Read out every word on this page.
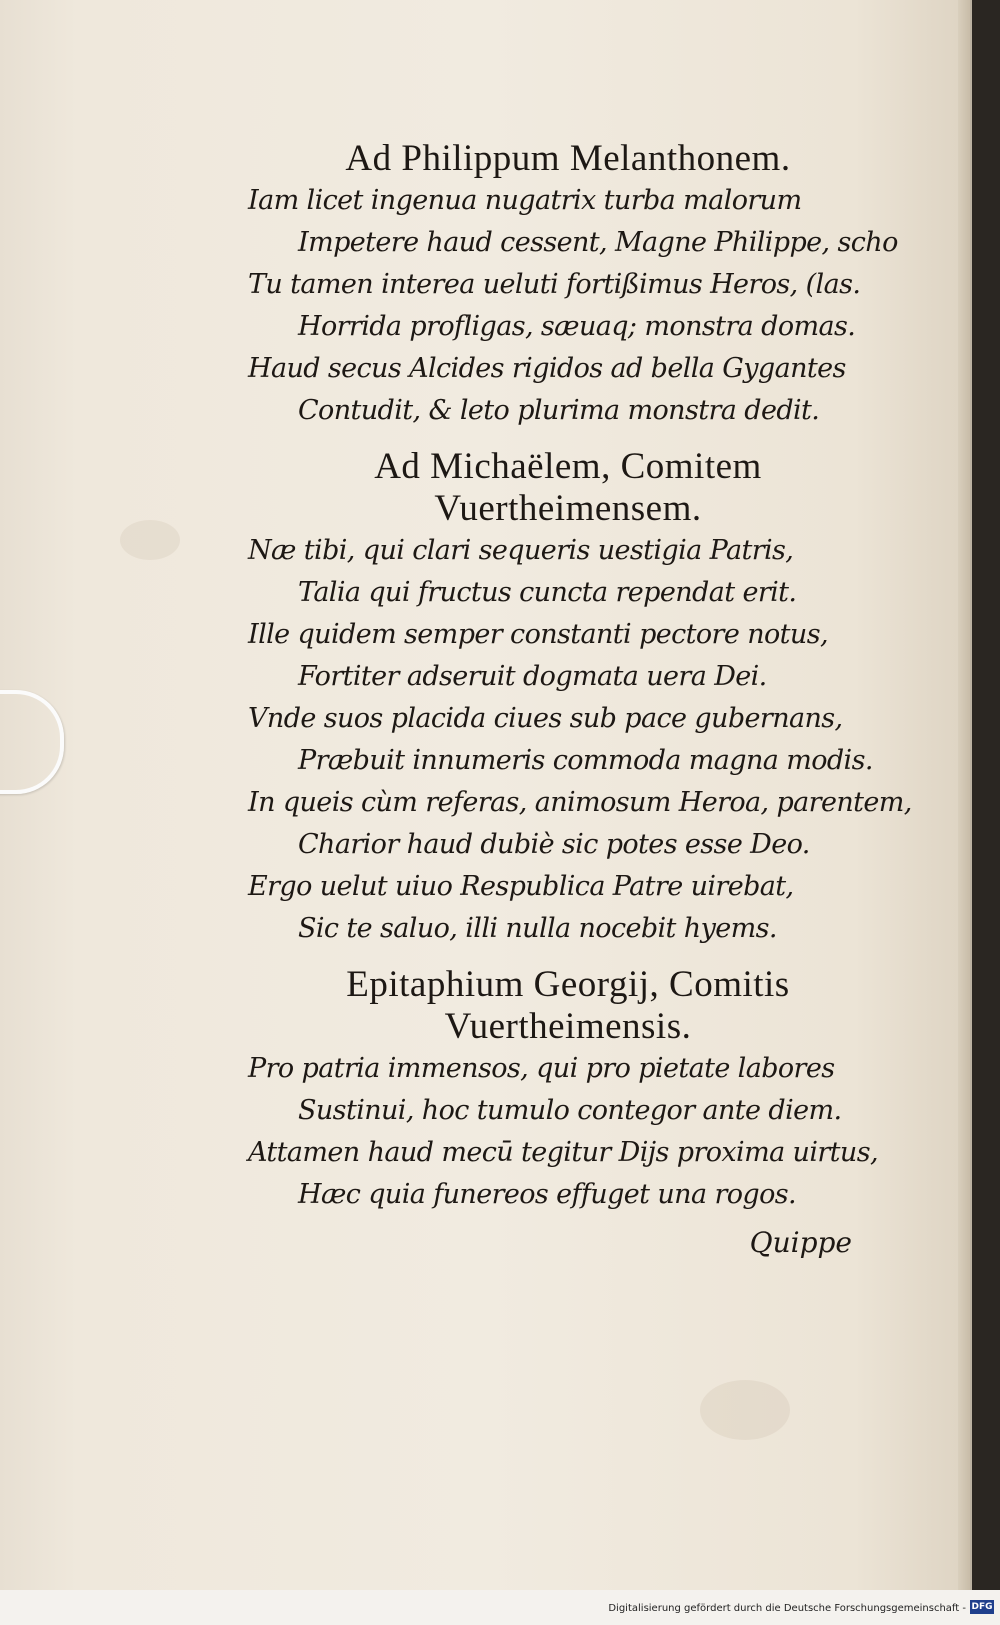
Ad Philippum Melanthonem.

Iam licet ingenua nugatrix turba malorum

Impetere haud cessent, Magne Philippe, scho

Tu tamen interea ueluti fortißimus Heros, (las.

Horrida profligas, sæuaq; monstra domas.

Haud secus Alcides rigidos ad bella Gygantes

Contudit, & leto plurima monstra dedit.

Ad Michaëlem, Comitem
Vuertheimensem.

Næ tibi, qui clari sequeris uestigia Patris,

Talia qui fructus cuncta rependat erit.

Ille quidem semper constanti pectore notus,

Fortiter adseruit dogmata uera Dei.

Vnde suos placida ciues sub pace gubernans,

Præbuit innumeris commoda magna modis.

In queis cùm referas, animosum Heroa, parentem,

Charior haud dubiè sic potes esse Deo.

Ergo uelut uiuo Respublica Patre uirebat,

Sic te saluo, illi nulla nocebit hyems.

Epitaphium Georgij, Comitis
Vuertheimensis.

Pro patria immensos, qui pro pietate labores

Sustinui, hoc tumulo contegor ante diem.

Attamen haud mecū tegitur Dijs proxima uirtus,

Hæc quia funereos effuget una rogos.

Quippe

Digitalisierung gefördert durch die Deutsche Forschungsgemeinschaft - DFG
